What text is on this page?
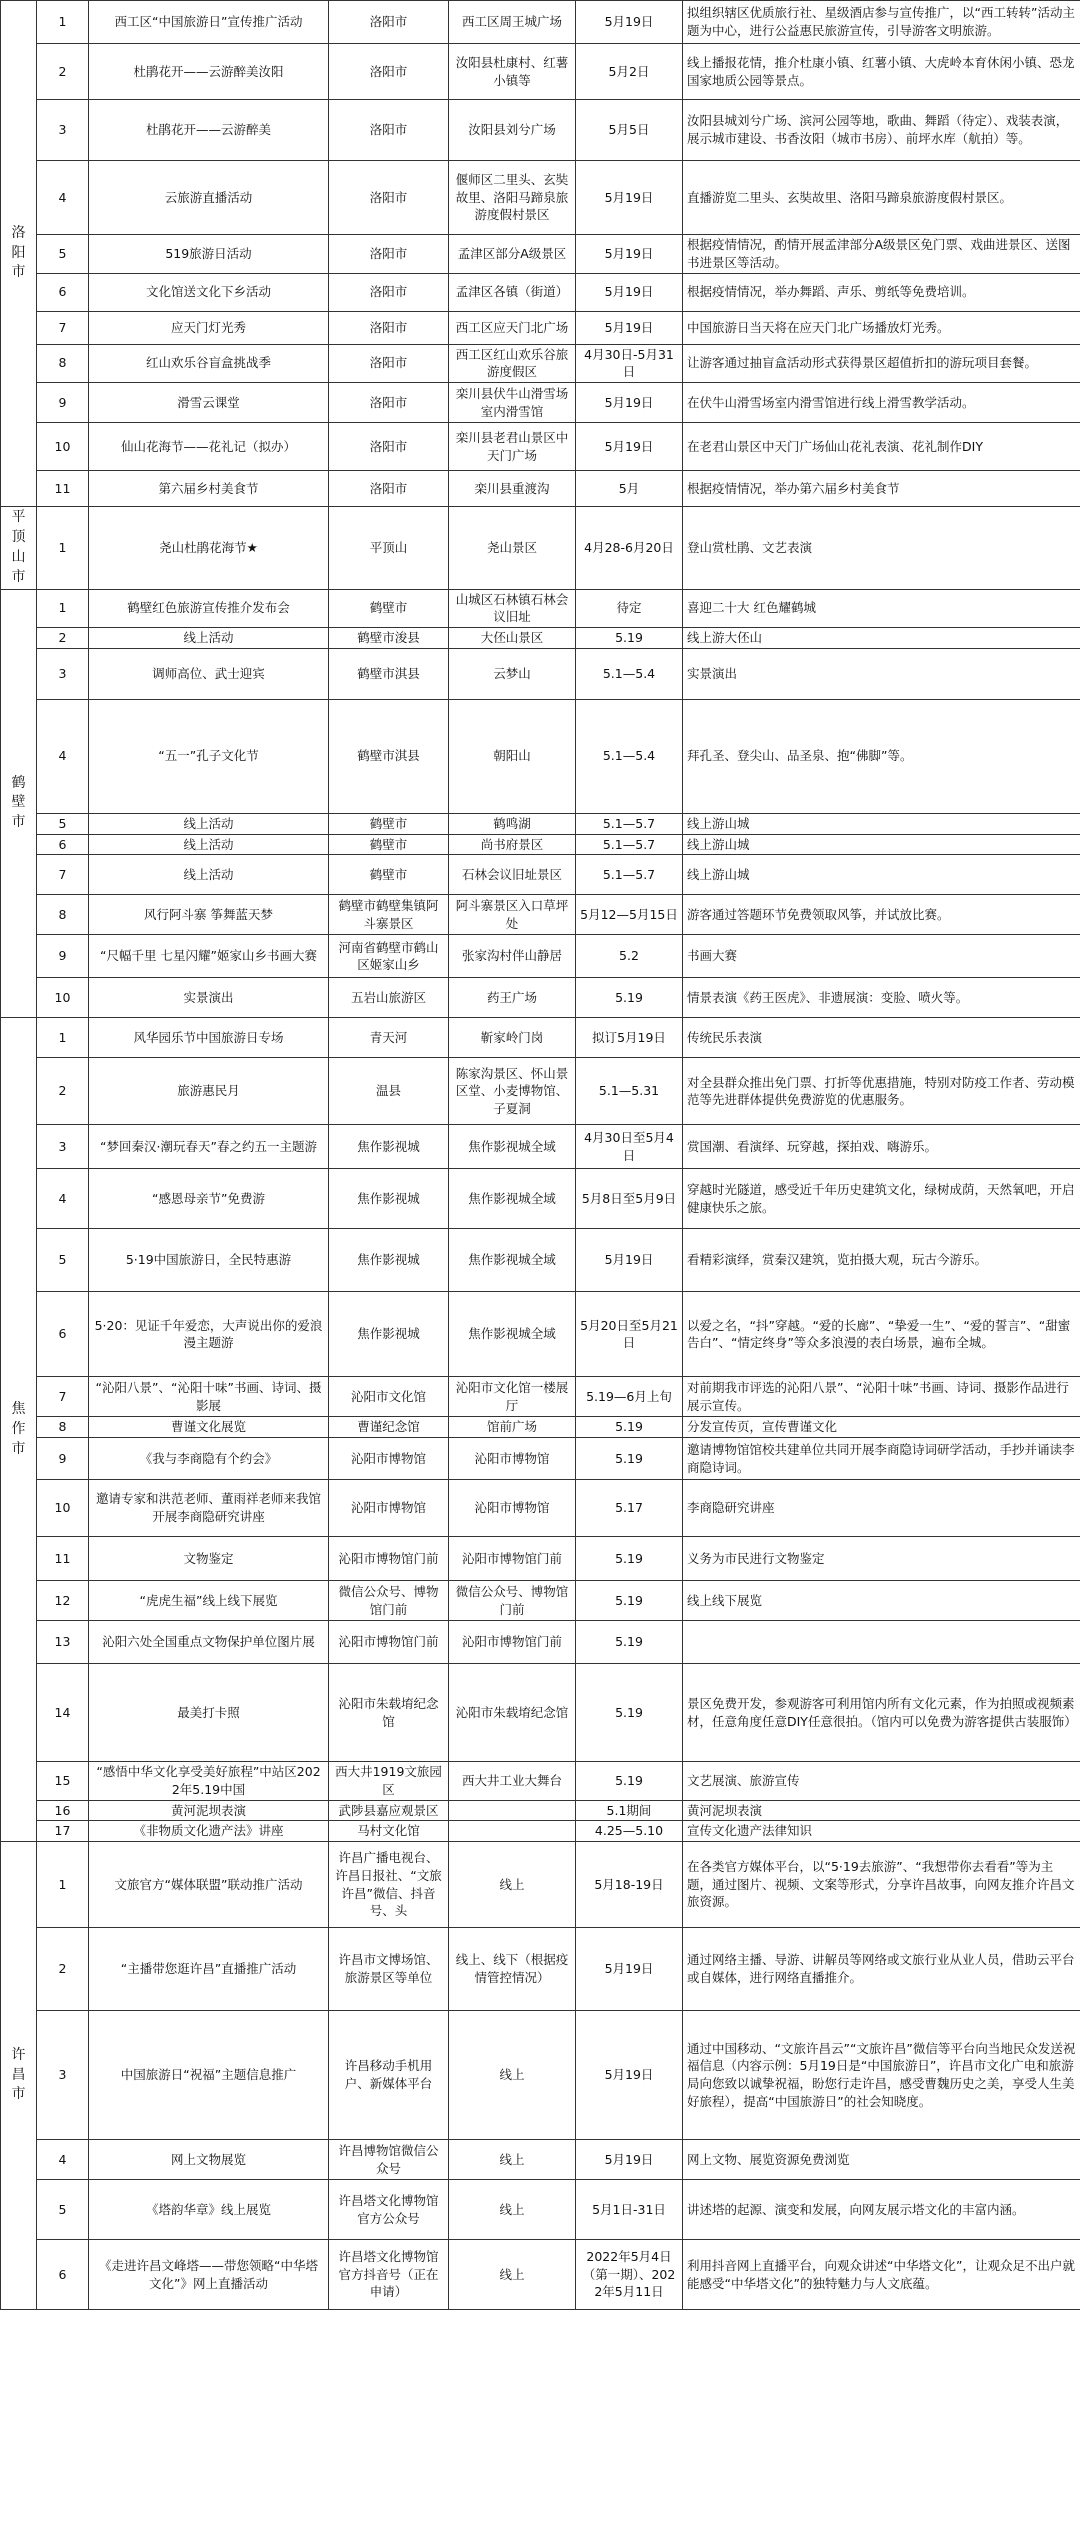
洛阳市	1	西工区“中国旅游日”宣传推广活动	洛阳市	西工区周王城广场	5月19日	拟组织辖区优质旅行社、星级酒店参与宣传推广，以“西工转转”活动主题为中心，进行公益惠民旅游宣传，引导游客文明旅游。
	2	杜鹃花开——云游醉美汝阳	洛阳市	汝阳县杜康村、红薯小镇等	5月2日	线上播报花情，推介杜康小镇、红薯小镇、大虎岭本育休闲小镇、恐龙国家地质公园等景点。
	3	杜鹃花开——云游醉美	洛阳市	汝阳县刘兮广场	5月5日	汝阳县城刘兮广场、滨河公园等地，歌曲、舞蹈（待定）、戏装表演，展示城市建设、书香汝阳（城市书房）、前坪水库（航拍）等。
	4	云旅游直播活动	洛阳市	偃师区二里头、玄奘故里、洛阳马蹄泉旅游度假村景区	5月19日	直播游览二里头、玄奘故里、洛阳马蹄泉旅游度假村景区。
	5	519旅游日活动	洛阳市	孟津区部分A级景区	5月19日	根据疫情情况，酌情开展孟津部分A级景区免门票、戏曲进景区、送图书进景区等活动。
	6	文化馆送文化下乡活动	洛阳市	孟津区各镇（街道）	5月19日	根据疫情情况，举办舞蹈、声乐、剪纸等免费培训。
	7	应天门灯光秀	洛阳市	西工区应天门北广场	5月19日	中国旅游日当天将在应天门北广场播放灯光秀。
	8	红山欢乐谷盲盒挑战季	洛阳市	西工区红山欢乐谷旅游度假区	4月30日-5月31日	让游客通过抽盲盒活动形式获得景区超值折扣的游玩项目套餐。
	9	滑雪云课堂	洛阳市	栾川县伏牛山滑雪场室内滑雪馆	5月19日	在伏牛山滑雪场室内滑雪馆进行线上滑雪教学活动。
	10	仙山花海节——花礼记（拟办）	洛阳市	栾川县老君山景区中天门广场	5月19日	在老君山景区中天门广场仙山花礼表演、花礼制作DIY
	11	第六届乡村美食节	洛阳市	栾川县重渡沟	5月	根据疫情情况，举办第六届乡村美食节
平顶山市	1	尧山杜鹃花海节★	平顶山	尧山景区	4月28-6月20日	登山赏杜鹃、文艺表演
鹤壁市	1	鹤壁红色旅游宣传推介发布会	鹤壁市	山城区石林镇石林会议旧址	待定	喜迎二十大 红色耀鹤城
	2	线上活动	鹤壁市浚县	大伾山景区	5.19	线上游大伾山
	3	调师高位、武士迎宾	鹤壁市淇县	云梦山	5.1—5.4	实景演出
	4	“五一”孔子文化节	鹤壁市淇县	朝阳山	5.1—5.4	拜孔圣、登尖山、品圣泉、抱“佛脚”等。
	5	线上活动	鹤壁市	鹤鸣湖	5.1—5.7	线上游山城
	6	线上活动	鹤壁市	尚书府景区	5.1—5.7	线上游山城
	7	线上活动	鹤壁市	石林会议旧址景区	5.1—5.7	线上游山城
	8	风行阿斗寨 筝舞蓝天梦	鹤壁市鹤壁集镇阿斗寨景区	阿斗寨景区入口草坪处	5月12—5月15日	游客通过答题环节免费领取风筝，并试放比赛。
	9	“尺幅千里 七星闪耀”姬家山乡书画大赛	河南省鹤壁市鹤山区姬家山乡	张家沟村伴山静居	5.2	书画大赛
	10	实景演出	五岩山旅游区	药王广场	5.19	情景表演《药王医虎》、非遗展演：变脸、喷火等。
焦作市	1	风华园乐节中国旅游日专场	青天河	靳家岭门岗	拟订5月19日	传统民乐表演
	2	旅游惠民月	温县	陈家沟景区、怀山景区堂、小麦博物馆、子夏洞	5.1—5.31	对全县群众推出免门票、打折等优惠措施，特别对防疫工作者、劳动模范等先进群体提供免费游览的优惠服务。
	3	“梦回秦汉·潮玩春天”春之约五一主题游	焦作影视城	焦作影视城全域	4月30日至5月4日	赏国潮、看演绎、玩穿越，探拍戏、嗨游乐。
	4	“感恩母亲节”免费游	焦作影视城	焦作影视城全域	5月8日至5月9日	穿越时光隧道，感受近千年历史建筑文化，绿树成荫，天然氧吧，开启健康快乐之旅。
	5	5·19中国旅游日，全民特惠游	焦作影视城	焦作影视城全域	5月19日	看精彩演绎，赏秦汉建筑，览拍摄大观，玩古今游乐。
	6	5·20：见证千年爱恋，大声说出你的爱浪漫主题游	焦作影视城	焦作影视城全域	5月20日至5月21日	以爱之名，“抖”穿越。“爱的长廊”、“挚爱一生”、“爱的誓言”、“甜蜜告白”、“情定终身”等众多浪漫的表白场景，遍布全城。
	7	“沁阳八景”、“沁阳十味”书画、诗词、摄影展	沁阳市文化馆	沁阳市文化馆一楼展厅	5.19—6月上旬	对前期我市评选的沁阳八景”、“沁阳十味”书画、诗词、摄影作品进行展示宣传。
	8	曹谨文化展览	曹谨纪念馆	馆前广场	5.19	分发宣传页，宣传曹谨文化
	9	《我与李商隐有个约会》	沁阳市博物馆	沁阳市博物馆	5.19	邀请博物馆馆校共建单位共同开展李商隐诗词研学活动，手抄并诵读李商隐诗词。
	10	邀请专家和洪范老师、董雨祥老师来我馆开展李商隐研究讲座	沁阳市博物馆	沁阳市博物馆	5.17	李商隐研究讲座
	11	文物鉴定	沁阳市博物馆门前	沁阳市博物馆门前	5.19	义务为市民进行文物鉴定
	12	“虎虎生福”线上线下展览	微信公众号、博物馆门前	微信公众号、博物馆门前	5.19	线上线下展览
	13	沁阳六处全国重点文物保护单位图片展	沁阳市博物馆门前	沁阳市博物馆门前	5.19	
	14	最美打卡照	沁阳市朱载堉纪念馆	沁阳市朱载堉纪念馆	5.19	景区免费开发，参观游客可利用馆内所有文化元素，作为拍照或视频素材，任意角度任意DIY任意很拍。（馆内可以免费为游客提供古装服饰）
	15	“感悟中华文化享受美好旅程”中站区2022年5.19中国	西大井1919文旅园区	西大井工业大舞台	5.19	文艺展演、旅游宣传
	16	黄河泥坝表演	武陟县嘉应观景区		5.1期间	黄河泥坝表演
	17	《非物质文化遗产法》讲座	马村文化馆		4.25—5.10	宣传文化遗产法律知识
许昌市	1	文旅官方“媒体联盟”联动推广活动	许昌广播电视台、许昌日报社、“文旅许昌”微信、抖音号、头	线上	5月18-19日	在各类官方媒体平台，以“5·19去旅游”、“我想带你去看看”等为主题，通过图片、视频、文案等形式，分享许昌故事，向网友推介许昌文旅资源。
	2	“主播带您逛许昌”直播推广活动	许昌市文博场馆、旅游景区等单位	线上、线下（根据疫情管控情况）	5月19日	通过网络主播、导游、讲解员等网络或文旅行业从业人员，借助云平台或自媒体，进行网络直播推介。
	3	中国旅游日“祝福”主题信息推广	许昌移动手机用户、新媒体平台	线上	5月19日	通过中国移动、“文旅许昌云”“文旅许昌”微信等平台向当地民众发送祝福信息（内容示例：5月19日是“中国旅游日”，许昌市文化广电和旅游局向您致以诚挚祝福，盼您行走许昌，感受曹魏历史之美，享受人生美好旅程），提高“中国旅游日”的社会知晓度。
	4	网上文物展览	许昌博物馆微信公众号	线上	5月19日	网上文物、展览资源免费浏览
	5	《塔韵华章》线上展览	许昌塔文化博物馆官方公众号	线上	5月1日-31日	讲述塔的起源、演变和发展，向网友展示塔文化的丰富内涵。
	6	《走进许昌文峰塔——带您领略“中华塔文化”》网上直播活动	许昌塔文化博物馆官方抖音号（正在申请）	线上	2022年5月4日（第一期）、2022年5月11日	利用抖音网上直播平台，向观众讲述“中华塔文化”，让观众足不出户就能感受“中华塔文化”的独特魅力与人文底蕴。
